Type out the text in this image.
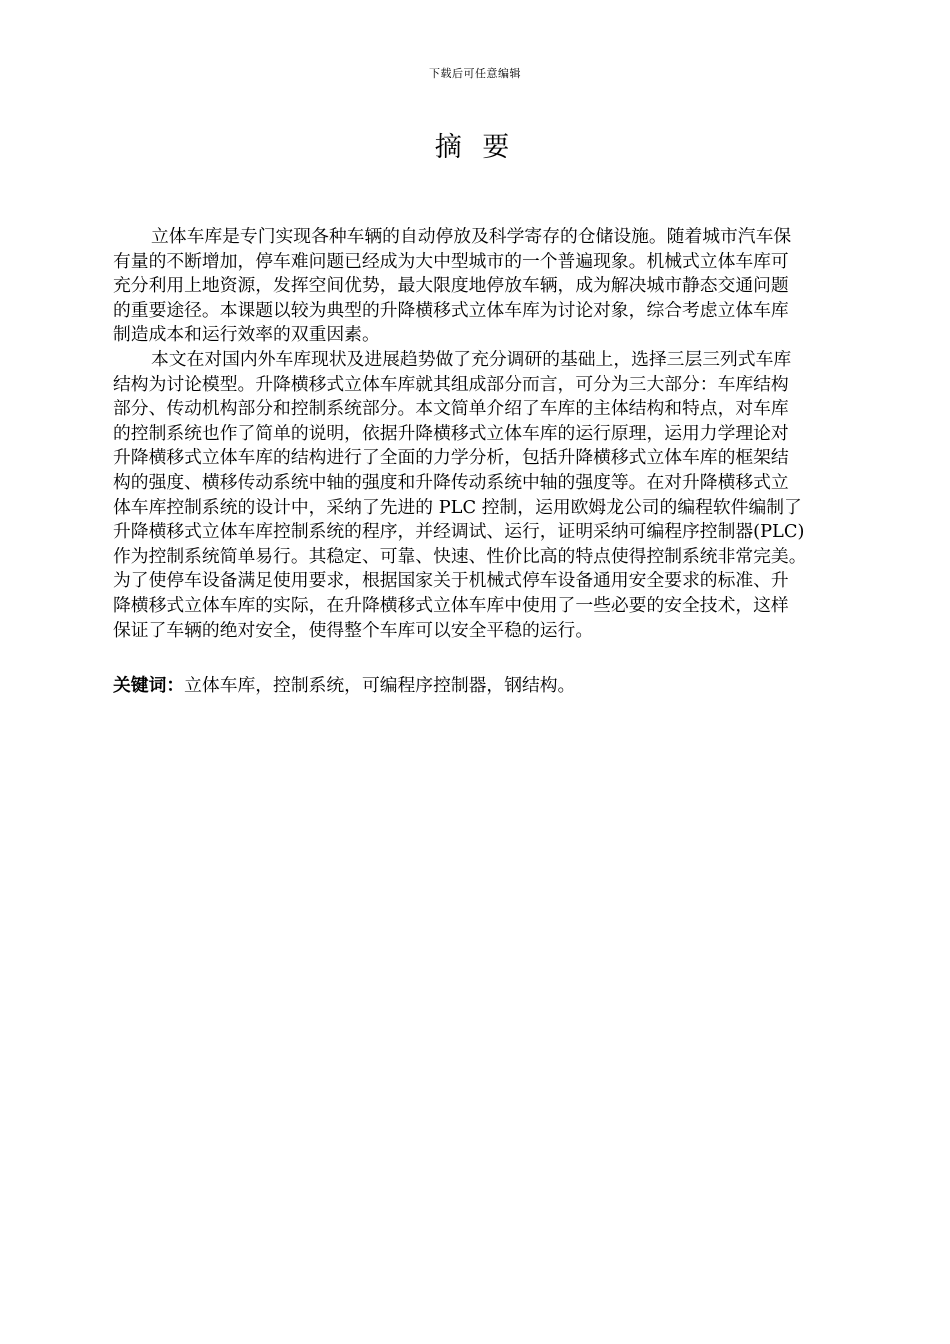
下载后可任意编辑
摘 要
立体车库是专门实现各种车辆的自动停放及科学寄存的仓储设施。随着城市汽车保
有量的不断增加，停车难问题已经成为大中型城市的一个普遍现象。机械式立体车库可
充分利用上地资源，发挥空间优势，最大限度地停放车辆，成为解决城市静态交通问题
的重要途径。本课题以较为典型的升降横移式立体车库为讨论对象，综合考虑立体车库
制造成本和运行效率的双重因素。
本文在对国内外车库现状及进展趋势做了充分调研的基础上，选择三层三列式车库
结构为讨论模型。升降横移式立体车库就其组成部分而言，可分为三大部分：车库结构
部分、传动机构部分和控制系统部分。本文简单介绍了车库的主体结构和特点，对车库
的控制系统也作了简单的说明，依据升降横移式立体车库的运行原理，运用力学理论对
升降横移式立体车库的结构进行了全面的力学分析，包括升降横移式立体车库的框架结
构的强度、横移传动系统中轴的强度和升降传动系统中轴的强度等。在对升降横移式立
体车库控制系统的设计中，采纳了先进的 PLC 控制，运用欧姆龙公司的编程软件编制了
升降横移式立体车库控制系统的程序，并经调试、运行，证明采纳可编程序控制器(PLC)
作为控制系统简单易行。其稳定、可靠、快速、性价比高的特点使得控制系统非常完美。
为了使停车设备满足使用要求，根据国家关于机械式停车设备通用安全要求的标准、升
降横移式立体车库的实际，在升降横移式立体车库中使用了一些必要的安全技术，这样
保证了车辆的绝对安全，使得整个车库可以安全平稳的运行。
关键词：立体车库，控制系统，可编程序控制器，钢结构。
